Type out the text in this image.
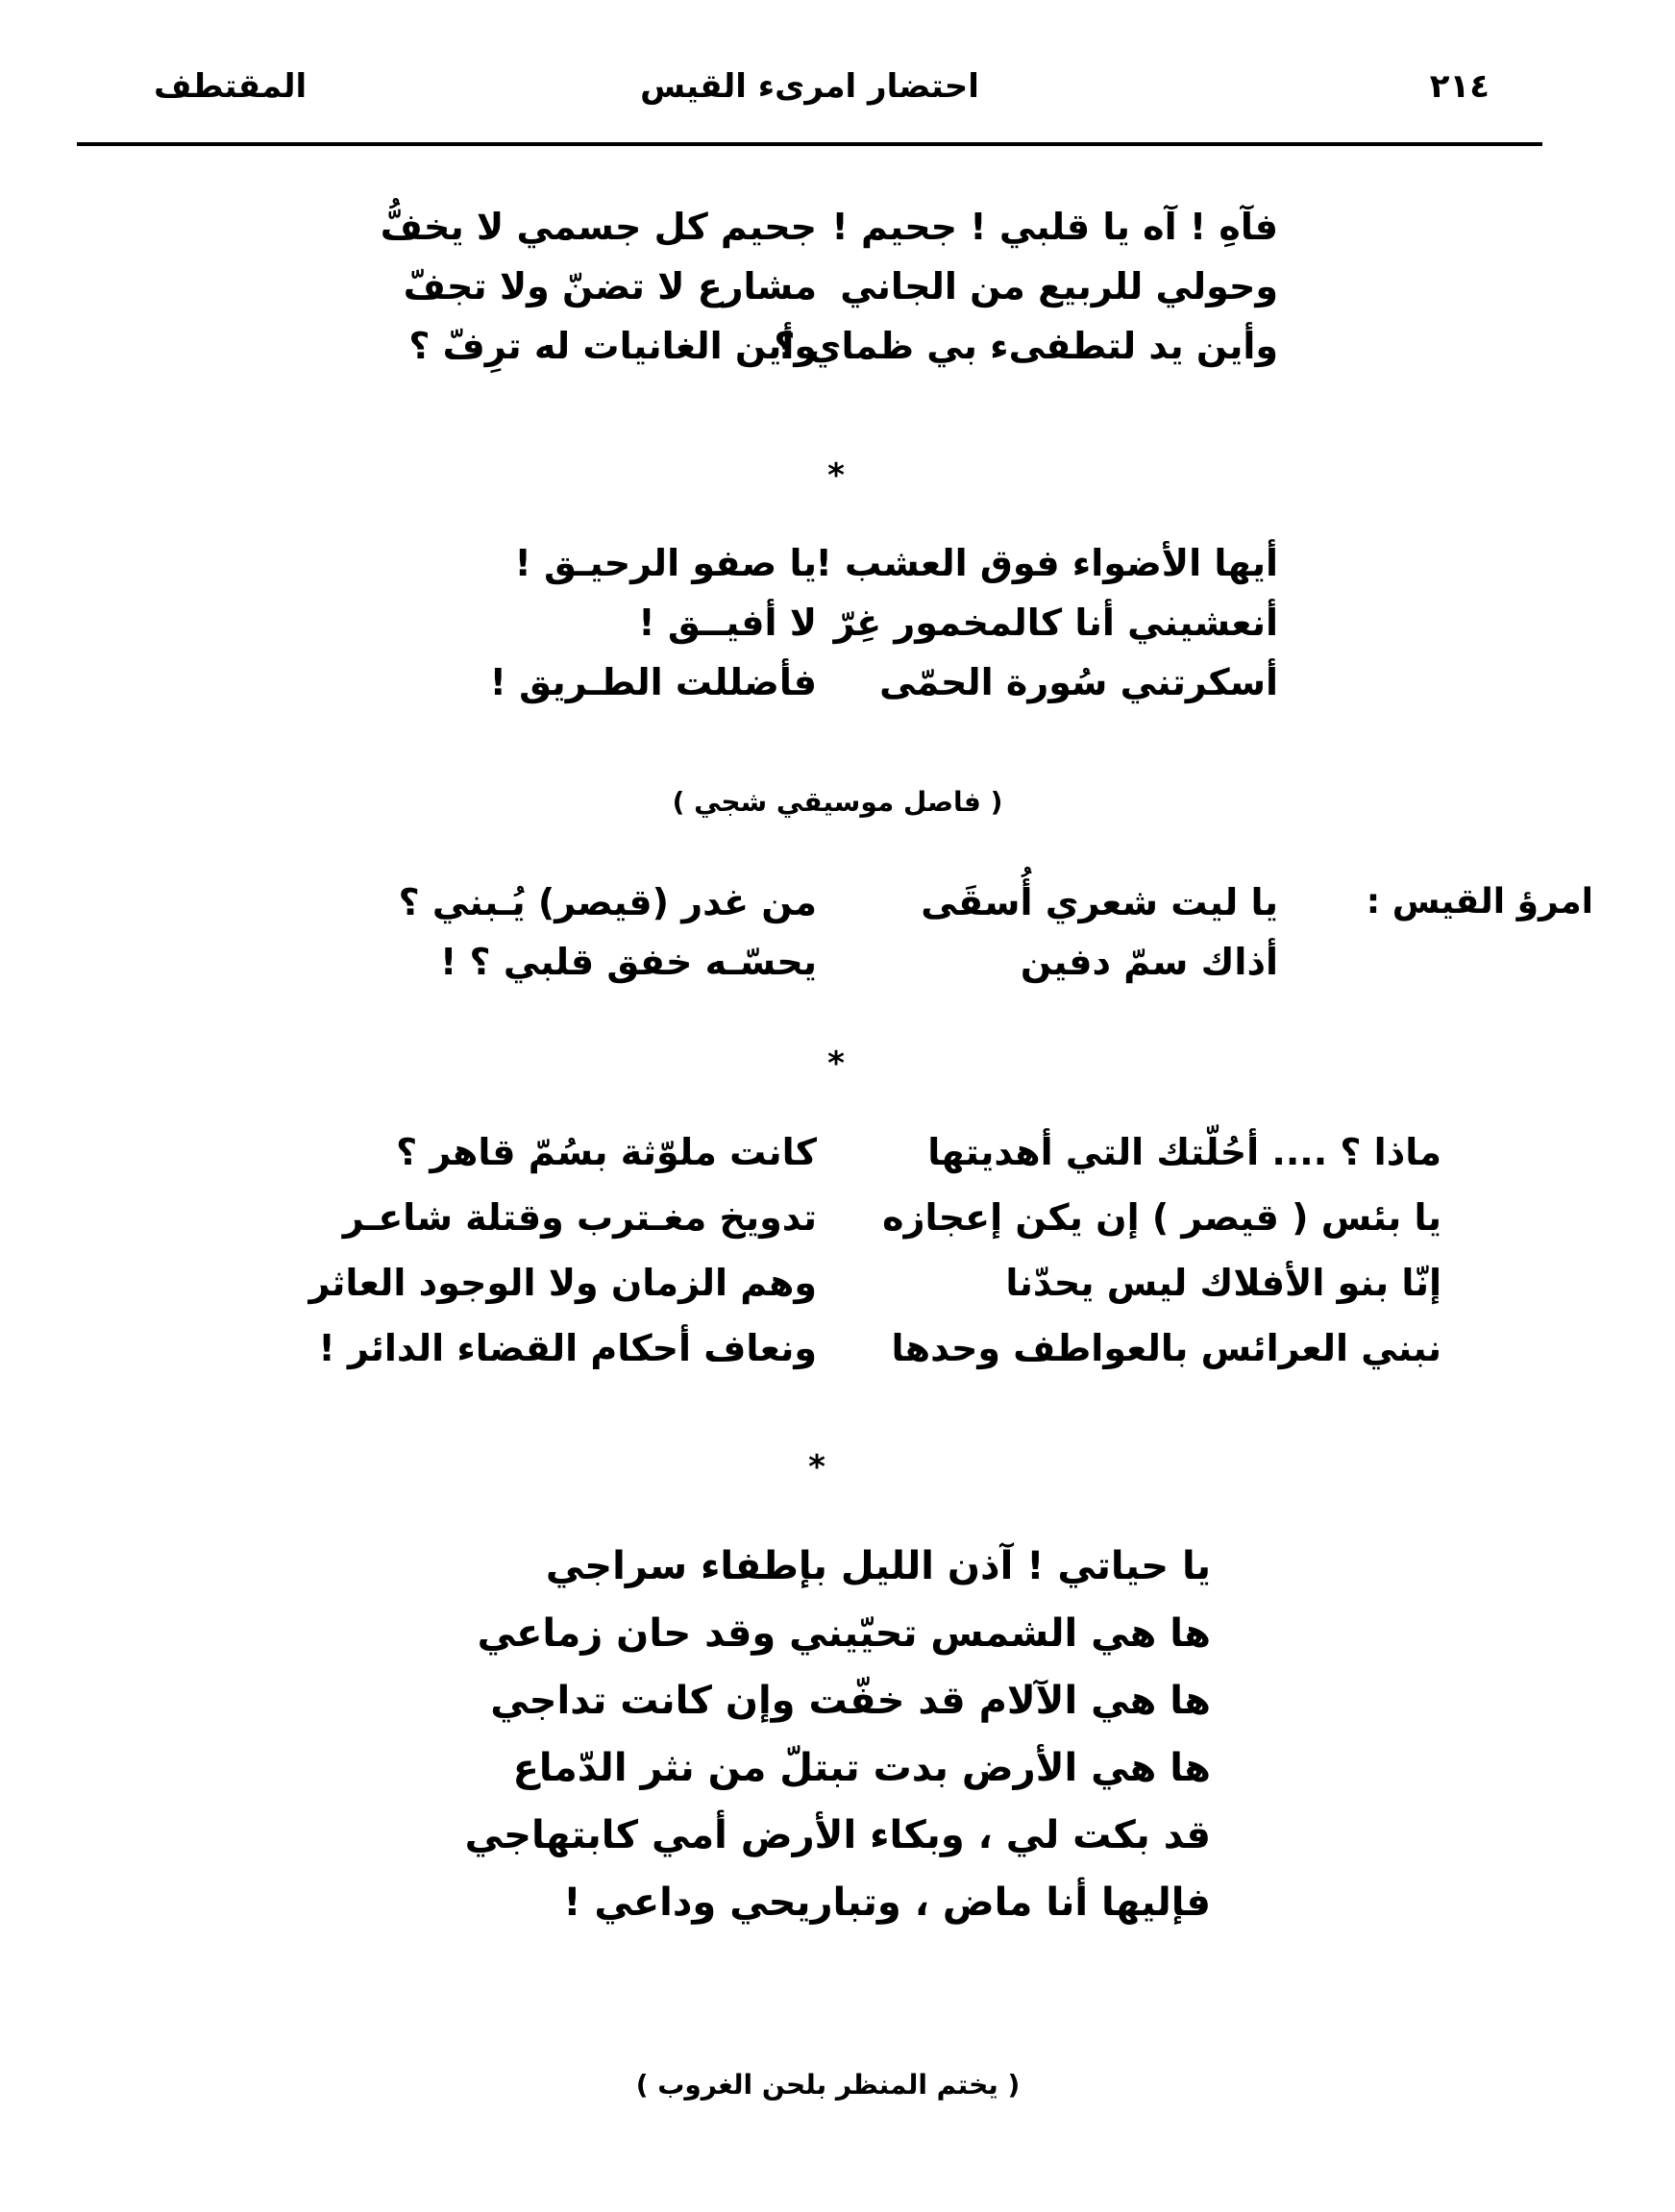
المقتطف	احتضار امرىء القيس	٢١٤
فآهِ ! آه يا قلبي ! جحيم !
جحيم كل جسمي لا يخفُّ
وحولي للربيع من الجاني
مشارع لا تضنّ ولا تجفّ
وأين يد لتطفىء بي ظماي ؟
وأين الغانيات له ترِفّ ؟
*
أيها الأضواء فوق العشب !
يا صفو الرحيـق !
أنعشيني أنا كالمخمور غِرّ
لا أفيــق !
أسكرتني سُورة الحمّى
فأضللت الطـريق !
( فاصل موسيقي شجي )
امرؤ القيس :
يا ليت شعري أُسقَى
من غدر (قيصر) يُـبني ؟
أذاك سمّ دفين
يحسّـه خفق قلبي ؟ !
*
ماذا ؟ .... أحُلّتك التي أهديتها
كانت ملوّثة بسُمّ قاهر ؟
يا بئس ( قيصر ) إن يكن إعجازه
تدويخ مغـترب وقتلة شاعـر
إنّا بنو الأفلاك ليس يحدّنا
وهم الزمان ولا الوجود العاثر
نبني العرائس بالعواطف وحدها
ونعاف أحكام القضاء الدائر !
*
يا حياتي ! آذن الليل بإطفاء سراجي
ها هي الشمس تحيّيني وقد حان زماعي
ها هي الآلام قد خفّت وإن كانت تداجي
ها هي الأرض بدت تبتلّ من نثر الدّماع
قد بكت لي ، وبكاء الأرض أمي كابتهاجي
فإليها أنا ماض ، وتباريحي وداعي !
( يختم المنظر بلحن الغروب )
